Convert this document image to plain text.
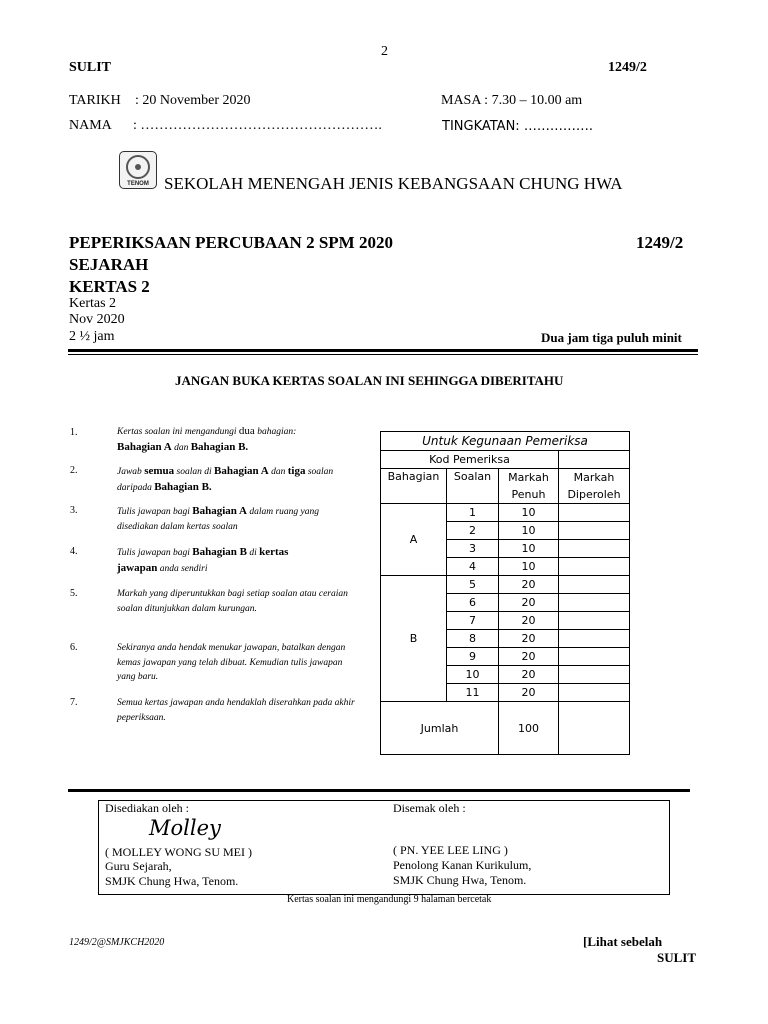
2
SULIT	1249/2
TARIKH : 20 November 2020	MASA : 7.30 – 10.00 am
NAMA : …………………………………………….	TINGKATAN: …………….
TENOM SEKOLAH MENENGAH JENIS KEBANGSAAN CHUNG HWA
PEPERIKSAAN PERCUBAAN 2 SPM 2020	1249/2
SEJARAH
KERTAS 2
Kertas 2
Nov 2020
2 ½ jam	Dua jam tiga puluh minit
JANGAN BUKA KERTAS SOALAN INI SEHINGGA DIBERITAHU
1.	Kertas soalan ini mengandungi dua bahagian:
Bahagian A dan Bahagian B.
2.	Jawab semua soalan di Bahagian A dan tiga soalan daripada Bahagian B.
3.	Tulis jawapan bagi Bahagian A dalam ruang yang disediakan dalam kertas soalan
4.	Tulis jawapan bagi Bahagian B di kertas
jawapan anda sendiri
5.	Markah yang diperuntukkan bagi setiap soalan atau ceraian soalan ditunjukkan dalam kurungan.
6.	Sekiranya anda hendak menukar jawapan, batalkan dengan kemas jawapan yang telah dibuat. Kemudian tulis jawapan yang baru.
7.	Semua kertas jawapan anda hendaklah diserahkan pada akhir peperiksaan.
Untuk Kegunaan Pemeriksa			
Kod Pemeriksa			
Bahagian	Soalan	Markah	Markah
		Penuh	Diperoleh
A	1	10	
	2	10	
	3	10	
	4	10	
B	5	20	
	6	20	
	7	20	
	8	20	
	9	20	
	10	20	
	11	20	
Jumlah		100	
Disediakan oleh :
Molley
( MOLLEY WONG SU MEI )
Guru Sejarah,
SMJK Chung Hwa, Tenom.
Disemak oleh :
( PN. YEE LEE LING )
Penolong Kanan Kurikulum,
SMJK Chung Hwa, Tenom.
Kertas soalan ini mengandungi 9 halaman bercetak
1249/2@SMJKCH2020	[Lihat sebelah
SULIT
